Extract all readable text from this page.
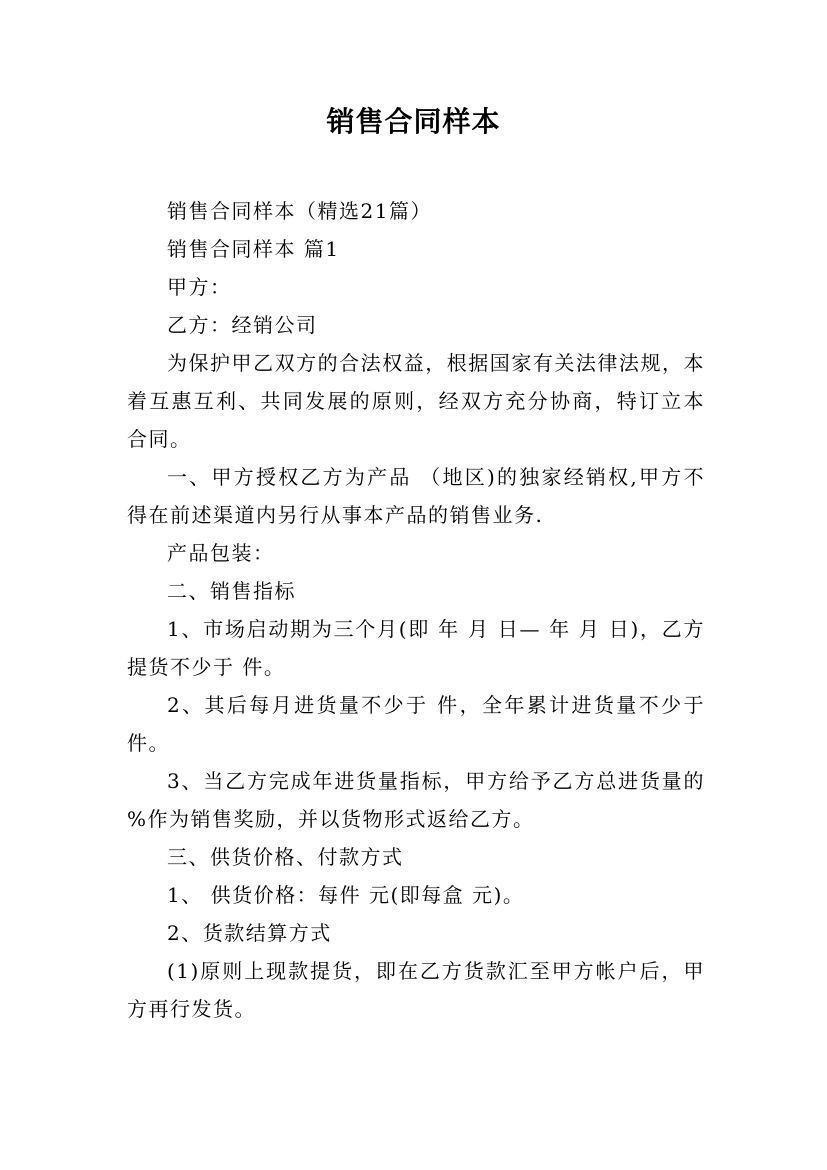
销售合同样本

销售合同样本（精选21篇）

销售合同样本 篇1

甲方：

乙方：经销公司

为保护甲乙双方的合法权益，根据国家有关法律法规，本着互惠互利、共同发展的原则，经双方充分协商，特订立本合同。

一、甲方授权乙方为产品 （地区)的独家经销权,甲方不得在前述渠道内另行从事本产品的销售业务.

产品包装：

二、销售指标

1、市场启动期为三个月(即 年 月 日— 年 月 日)，乙方提货不少于 件。

2、其后每月进货量不少于 件，全年累计进货量不少于 件。

3、当乙方完成年进货量指标，甲方给予乙方总进货量的 %作为销售奖励，并以货物形式返给乙方。

三、供货价格、付款方式

1、 供货价格：每件 元(即每盒 元)。

2、货款结算方式

(1)原则上现款提货，即在乙方货款汇至甲方帐户后，甲方再行发货。
